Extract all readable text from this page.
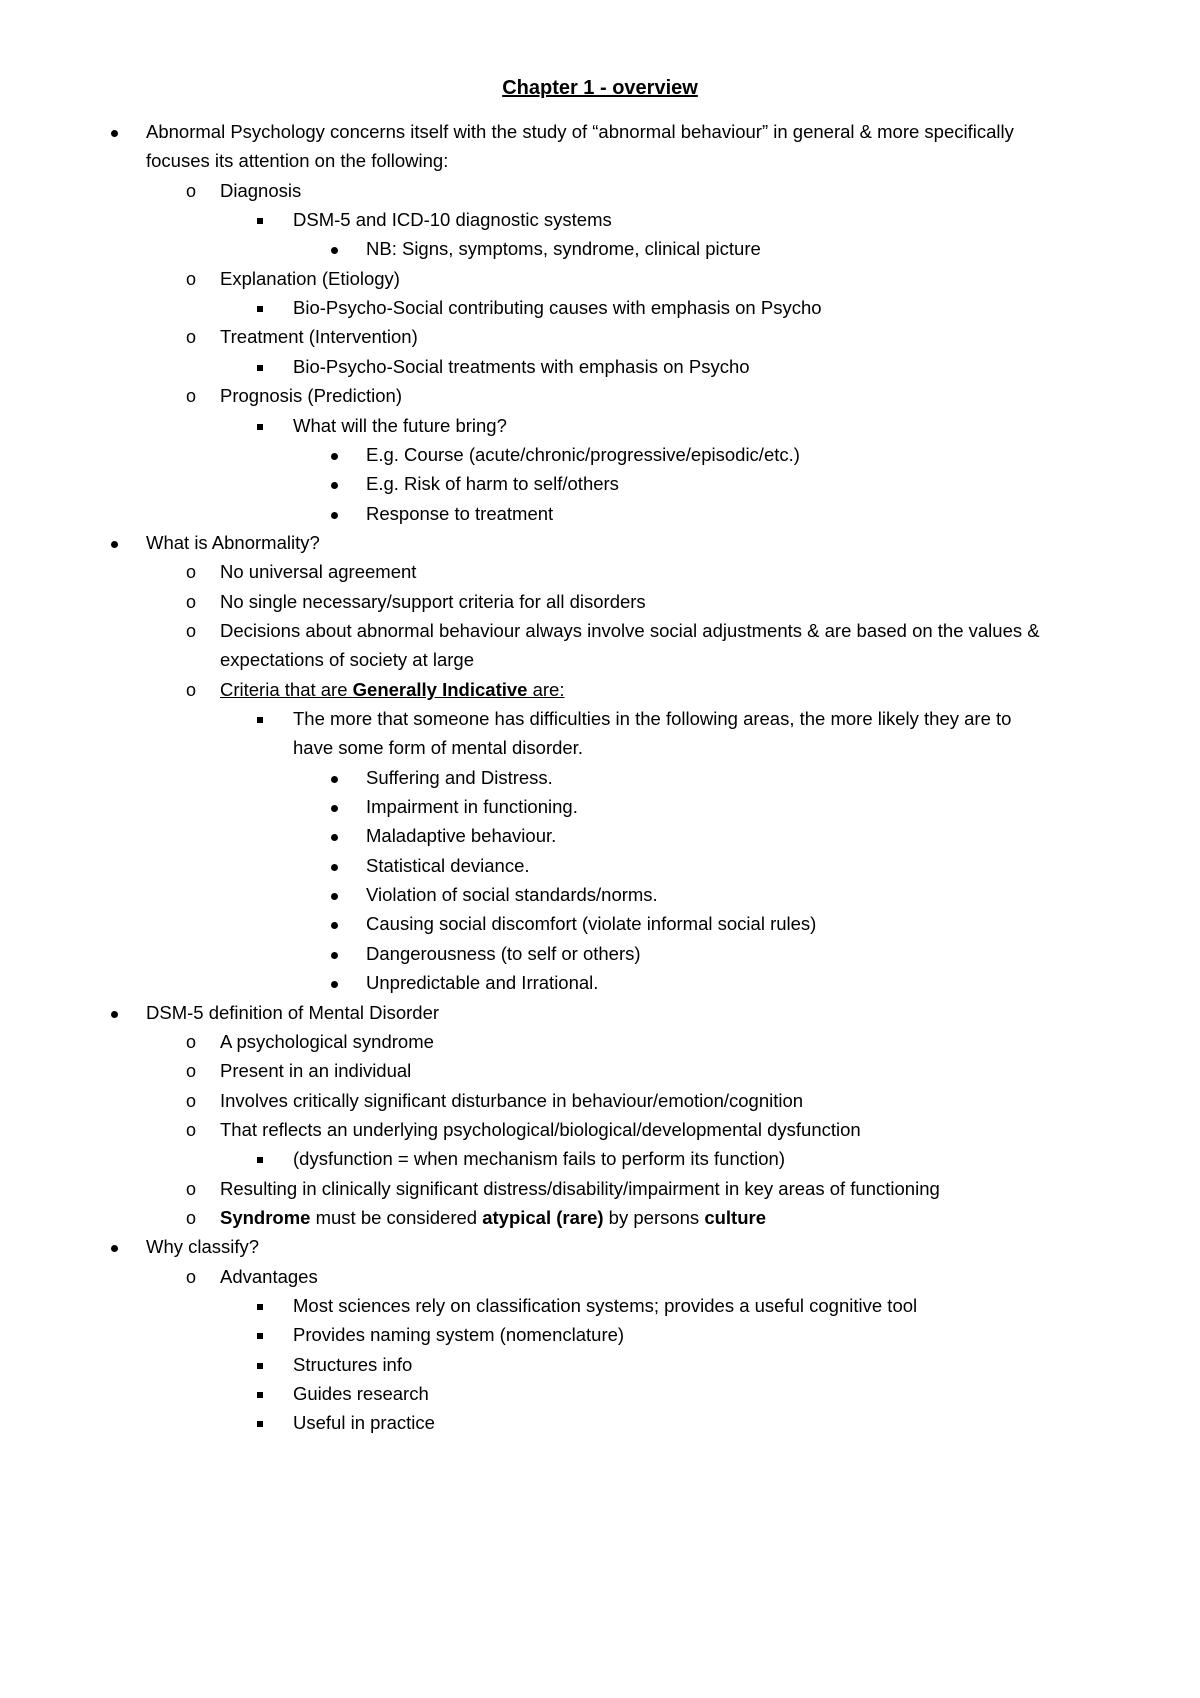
Chapter 1 - overview
Abnormal Psychology concerns itself with the study of “abnormal behaviour” in general & more specifically
focuses its attention on the following:
o Diagnosis
DSM-5 and ICD-10 diagnostic systems
NB: Signs, symptoms, syndrome, clinical picture
o Explanation (Etiology)
Bio-Psycho-Social contributing causes with emphasis on Psycho
o Treatment (Intervention)
Bio-Psycho-Social treatments with emphasis on Psycho
o Prognosis (Prediction)
What will the future bring?
E.g. Course (acute/chronic/progressive/episodic/etc.)
E.g. Risk of harm to self/others
Response to treatment
What is Abnormality?
o No universal agreement
o No single necessary/support criteria for all disorders
o Decisions about abnormal behaviour always involve social adjustments & are based on the values &
expectations of society at large
o Criteria that are Generally Indicative are:
The more that someone has difficulties in the following areas, the more likely they are to
have some form of mental disorder.
Suffering and Distress.
Impairment in functioning.
Maladaptive behaviour.
Statistical deviance.
Violation of social standards/norms.
Causing social discomfort (violate informal social rules)
Dangerousness (to self or others)
Unpredictable and Irrational.
DSM-5 definition of Mental Disorder
o A psychological syndrome
o Present in an individual
o Involves critically significant disturbance in behaviour/emotion/cognition
o That reflects an underlying psychological/biological/developmental dysfunction
(dysfunction = when mechanism fails to perform its function)
o Resulting in clinically significant distress/disability/impairment in key areas of functioning
o Syndrome must be considered atypical (rare) by persons culture
Why classify?
o Advantages
Most sciences rely on classification systems; provides a useful cognitive tool
Provides naming system (nomenclature)
Structures info
Guides research
Useful in practice
